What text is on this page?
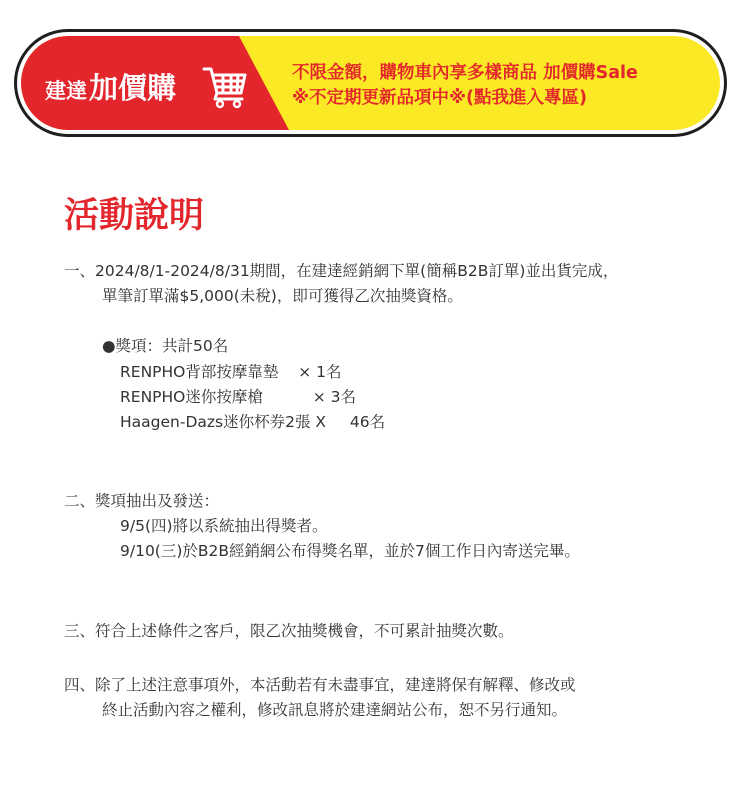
建達 加價購	不限金額，購物車內享多樣商品 加價購Sale
※不定期更新品項中※(點我進入專區)
活動說明
一、2024/8/1-2024/8/31期間，在建達經銷網下單(簡稱B2B訂單)並出貨完成，
單筆訂單滿$5,000(未稅)，即可獲得乙次抽獎資格。
●獎項：共計50名
RENPHO背部按摩靠墊 × 1名
RENPHO迷你按摩槍	× 3名
Haagen-Dazs迷你杯券2張 X 46名
二、獎項抽出及發送：
9/5(四)將以系統抽出得獎者。
9/10(三)於B2B經銷網公布得獎名單，並於7個工作日內寄送完畢。
三、符合上述條件之客戶，限乙次抽獎機會，不可累計抽獎次數。
四、除了上述注意事項外，本活動若有未盡事宜，建達將保有解釋、修改或
終止活動內容之權利，修改訊息將於建達網站公布，恕不另行通知。
